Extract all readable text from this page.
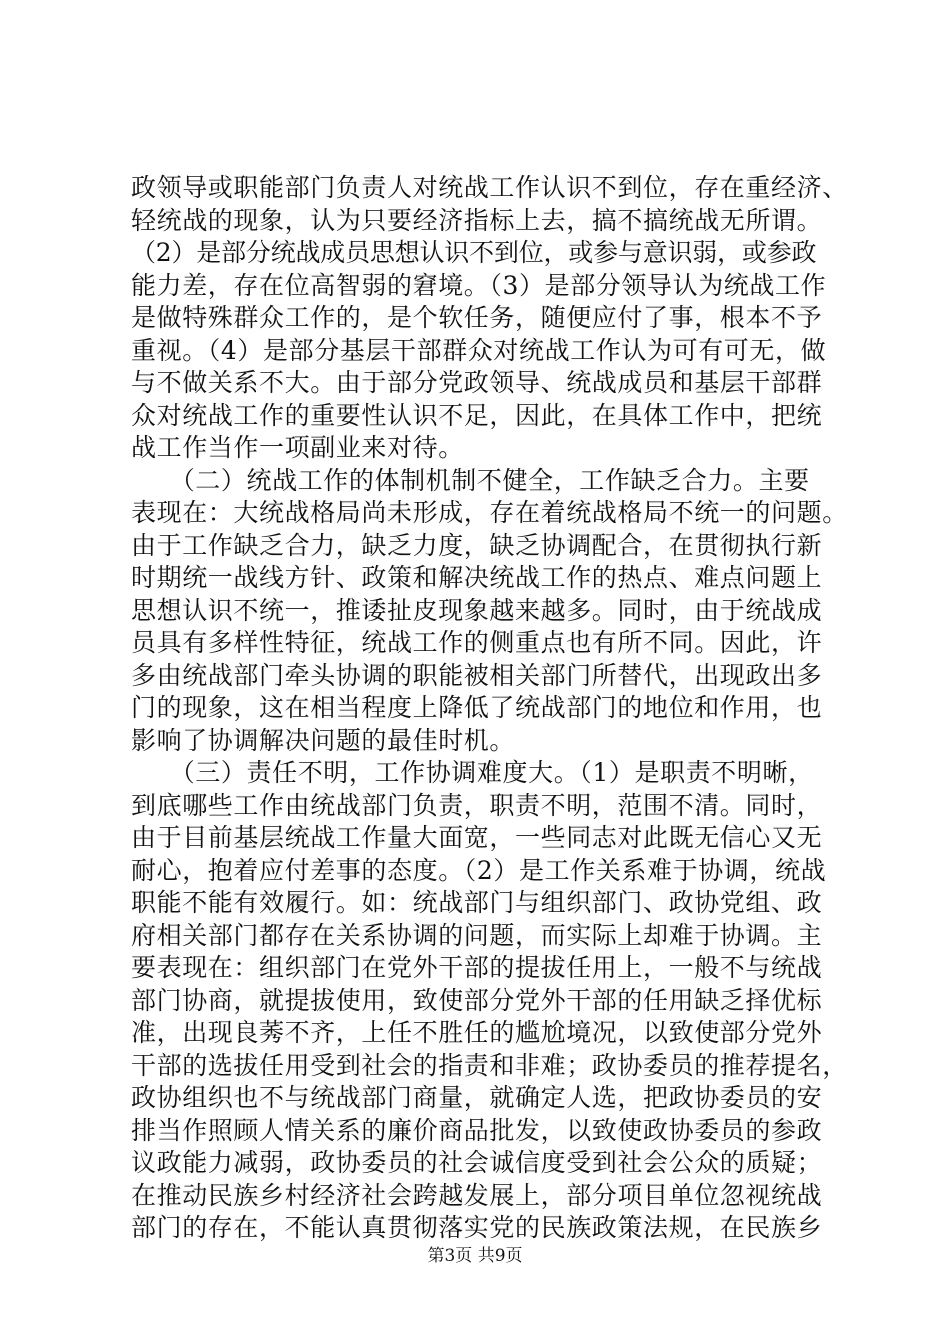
政领导或职能部门负责人对统战工作认识不到位，存在重经济、
轻统战的现象，认为只要经济指标上去，搞不搞统战无所谓。
（2）是部分统战成员思想认识不到位，或参与意识弱，或参政
能力差，存在位高智弱的窘境。（3）是部分领导认为统战工作
是做特殊群众工作的，是个软任务，随便应付了事，根本不予
重视。（4）是部分基层干部群众对统战工作认为可有可无，做
与不做关系不大。由于部分党政领导、统战成员和基层干部群
众对统战工作的重要性认识不足，因此，在具体工作中，把统
战工作当作一项副业来对待。
　　（二）统战工作的体制机制不健全，工作缺乏合力。主要
表现在：大统战格局尚未形成，存在着统战格局不统一的问题。
由于工作缺乏合力，缺乏力度，缺乏协调配合，在贯彻执行新
时期统一战线方针、政策和解决统战工作的热点、难点问题上
思想认识不统一，推诿扯皮现象越来越多。同时，由于统战成
员具有多样性特征，统战工作的侧重点也有所不同。因此，许
多由统战部门牵头协调的职能被相关部门所替代，出现政出多
门的现象，这在相当程度上降低了统战部门的地位和作用，也
影响了协调解决问题的最佳时机。
　　（三）责任不明，工作协调难度大。（1）是职责不明晰，
到底哪些工作由统战部门负责，职责不明，范围不清。同时，
由于目前基层统战工作量大面宽，一些同志对此既无信心又无
耐心，抱着应付差事的态度。（2）是工作关系难于协调，统战
职能不能有效履行。如：统战部门与组织部门、政协党组、政
府相关部门都存在关系协调的问题，而实际上却难于协调。主
要表现在：组织部门在党外干部的提拔任用上，一般不与统战
部门协商，就提拔使用，致使部分党外干部的任用缺乏择优标
准，出现良莠不齐，上任不胜任的尴尬境况，以致使部分党外
干部的选拔任用受到社会的指责和非难；政协委员的推荐提名，
政协组织也不与统战部门商量，就确定人选，把政协委员的安
排当作照顾人情关系的廉价商品批发，以致使政协委员的参政
议政能力减弱，政协委员的社会诚信度受到社会公众的质疑；
在推动民族乡村经济社会跨越发展上，部分项目单位忽视统战
部门的存在，不能认真贯彻落实党的民族政策法规，在民族乡
第3页 共9页
